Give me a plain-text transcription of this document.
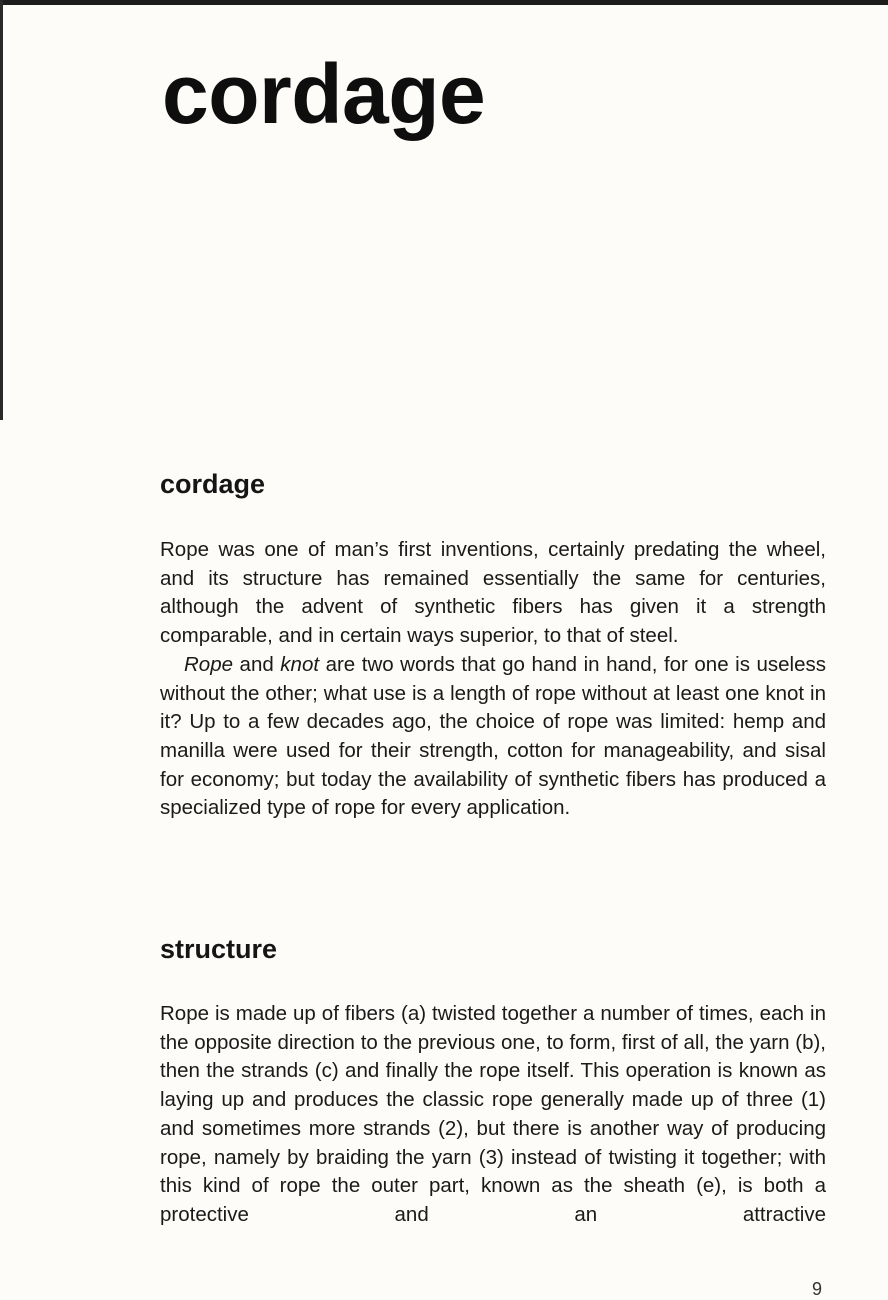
cordage
cordage

Rope was one of man’s first inventions, certainly predating the wheel, and its structure has remained essentially the same for centuries, although the advent of synthetic fibers has given it a strength comparable, and in certain ways superior, to that of steel.

Rope and knot are two words that go hand in hand, for one is useless without the other; what use is a length of rope without at least one knot in it? Up to a few decades ago, the choice of rope was limited: hemp and manilla were used for their strength, cotton for manageability, and sisal for economy; but today the availability of synthetic fibers has produced a specialized type of rope for every application.

structure

Rope is made up of fibers (a) twisted together a number of times, each in the opposite direction to the previous one, to form, first of all, the yarn (b), then the strands (c) and finally the rope itself. This operation is known as laying up and produces the classic rope generally made up of three (1) and sometimes more strands (2), but there is another way of producing rope, namely by braiding the yarn (3) instead of twisting it together; with this kind of rope the outer part, known as the sheath (e), is both a protective and an attractive

9
